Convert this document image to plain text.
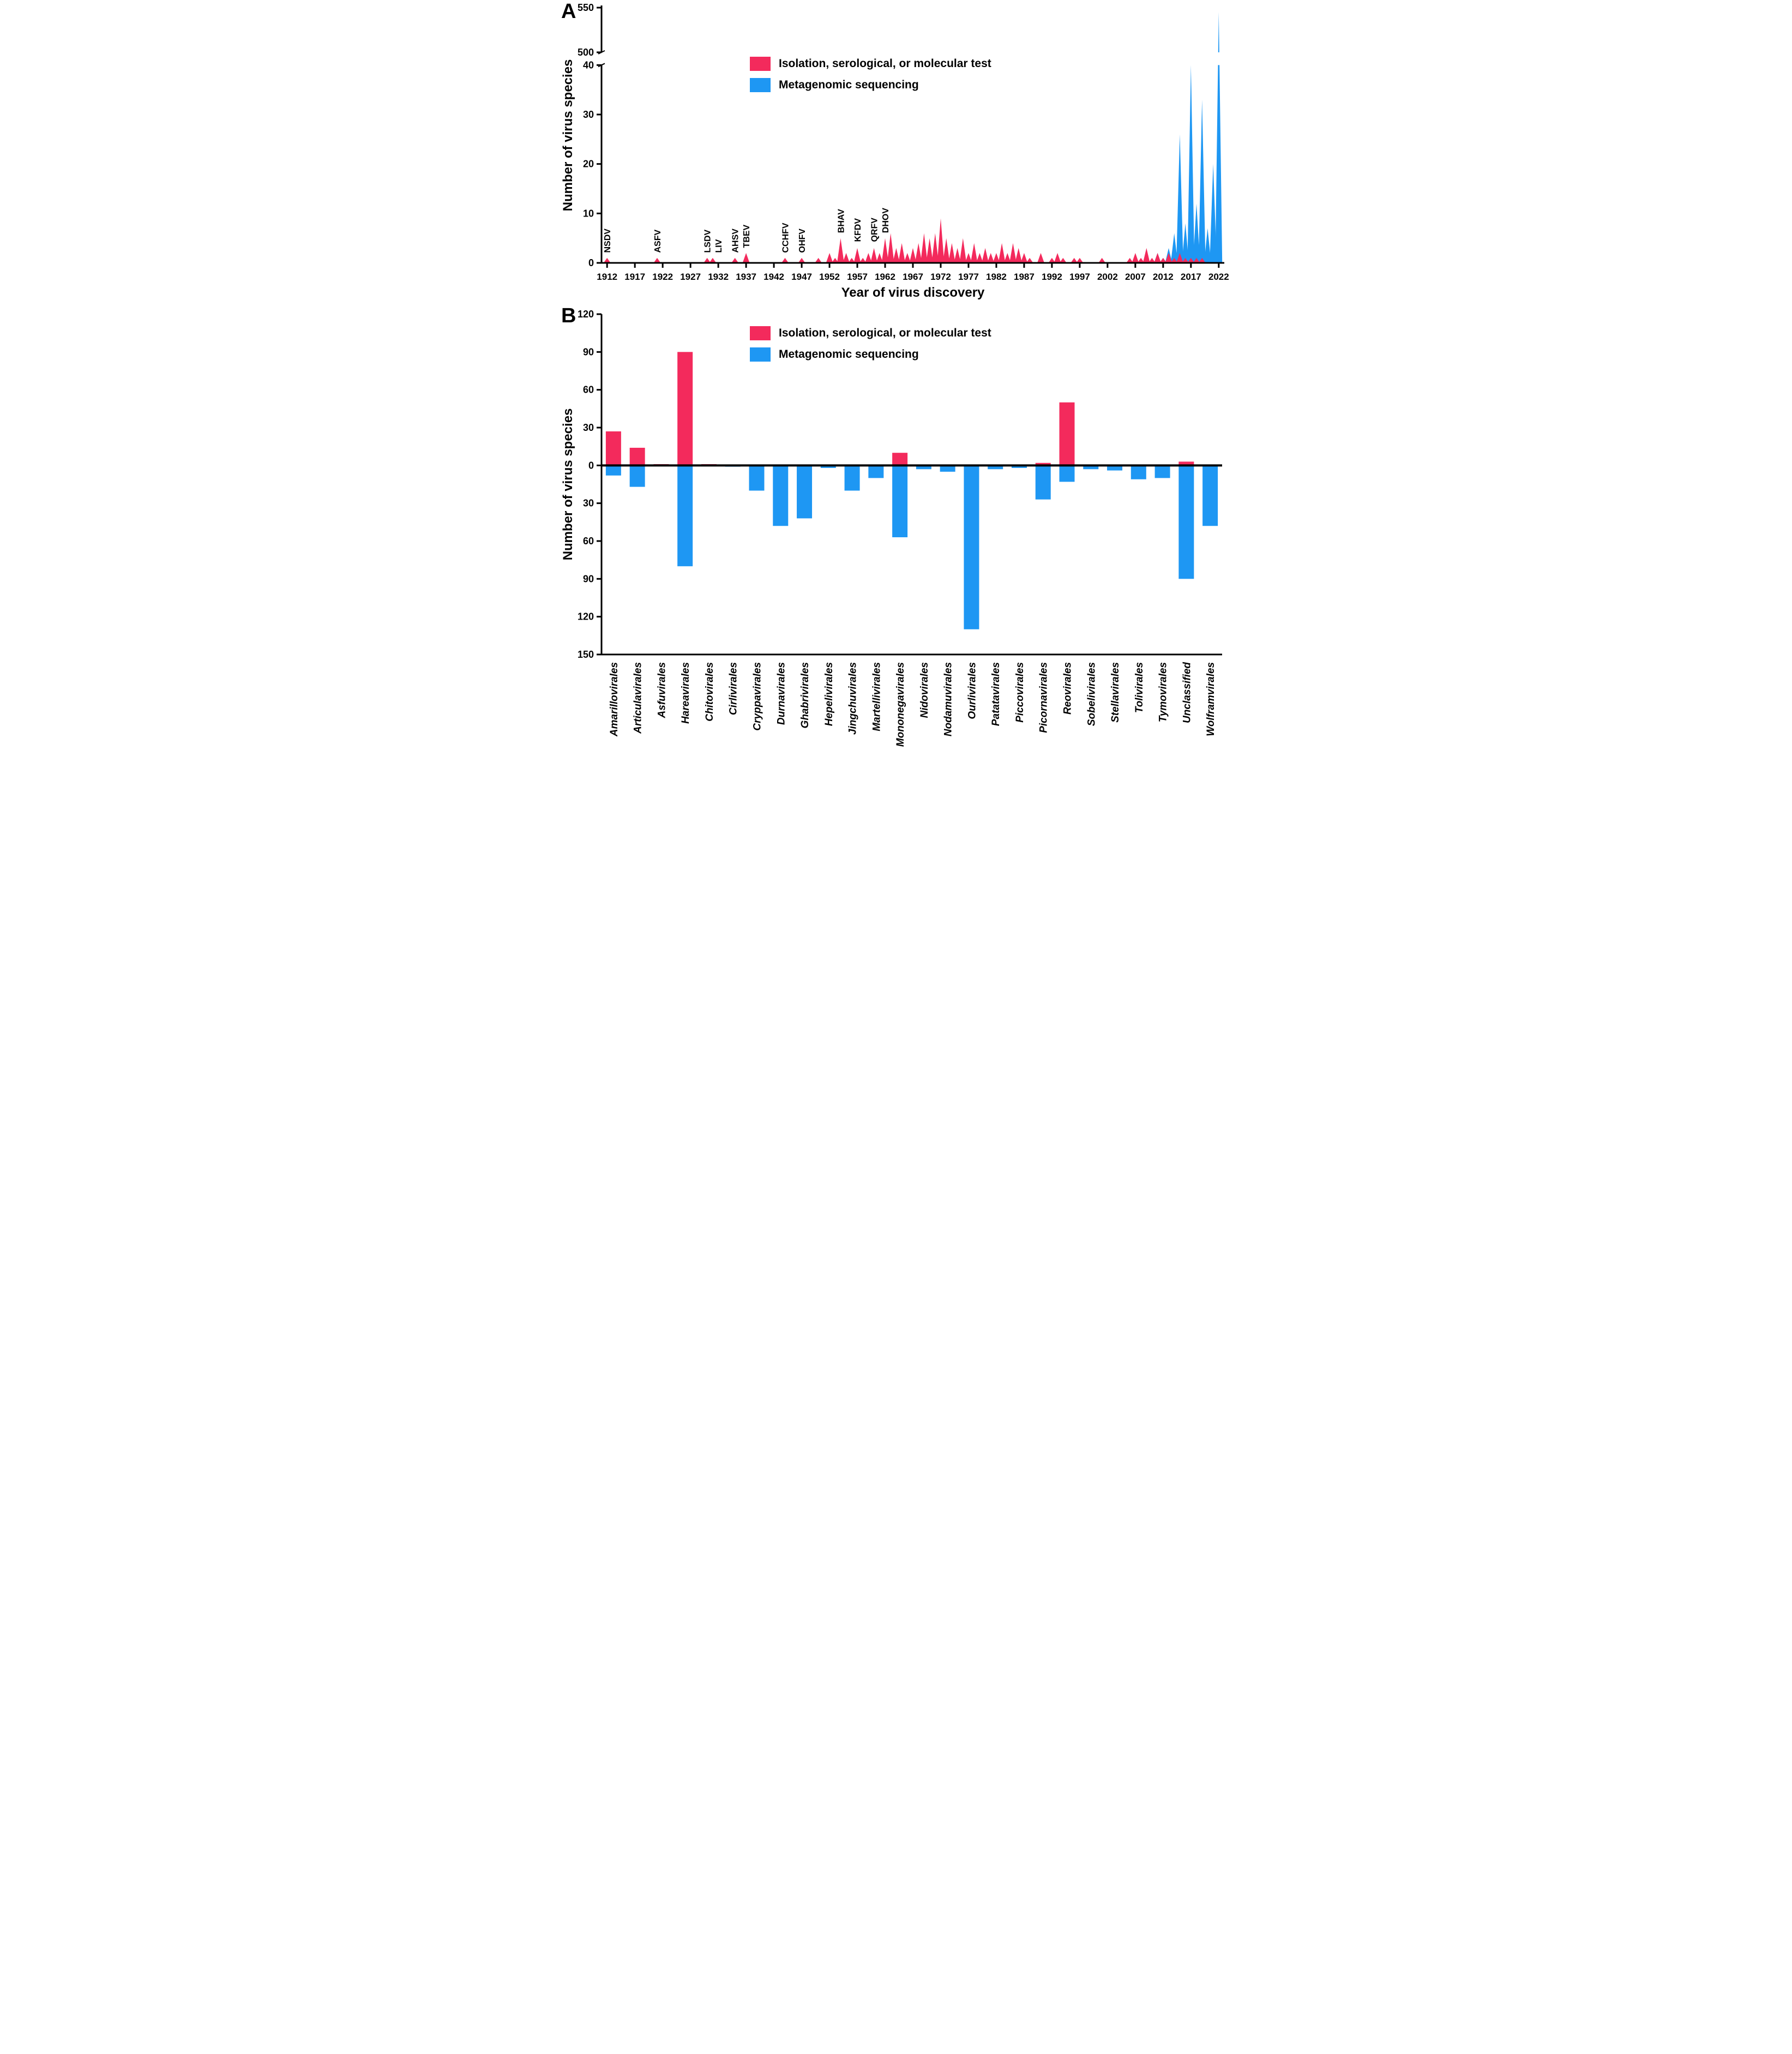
A
0
10
20
30
40
500
550
1912 1917 1922 1927 1932 1937 1942 1947 1952 1957 1962 1967 1972 1977 1982 1987 1992 1997 2002 2007 2012 2017 2022
Year of virus discovery
Number of virus species
NSDV	ASFV	LSDV LIV AHSV TBEV	CCHFV OHFV
BHAV KFDV QRFV DHOV
Isolation, serological, or molecular test
Metagenomic sequencing
B 120
90
60
30
0
30
60
90
120
150
Amarillovirales Articulavirales Asfuvirales Hareavirales Chitovirales Cirlivirales Cryppavirales Durnavirales Ghabrivirales Hepelivirales Jingchuvirales Martellivirales Mononegavirales Nidovirales Nodamuvirales Ourlivirales Patatavirales Piccovirales Picornavirales Reovirales Sobelivirales Stellavirales Tolivirales Tymovirales Unclassified Wolframvirales
Number of virus species
Isolation, serological, or molecular test
Metagenomic sequencing
